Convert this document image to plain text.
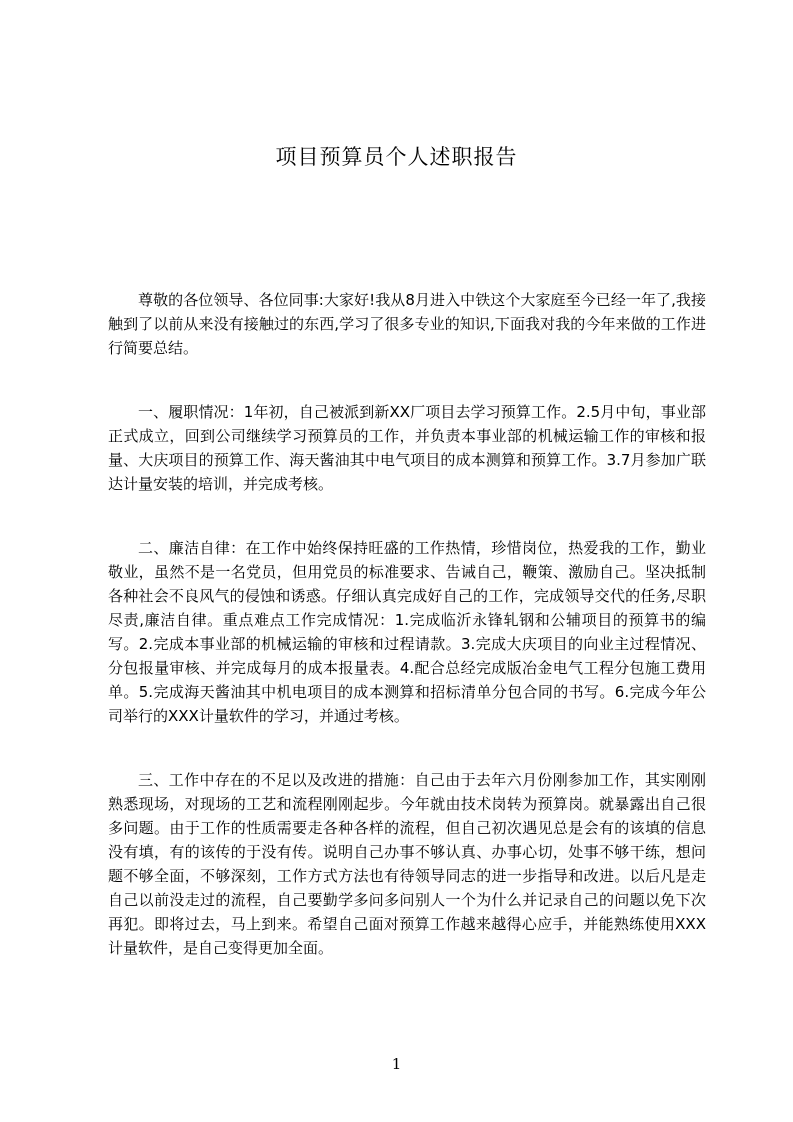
项目预算员个人述职报告

尊敬的各位领导、各位同事:大家好!我从8月进入中铁这个大家庭至今已经一年了,我接触到了以前从来没有接触过的东西,学习了很多专业的知识,下面我对我的今年来做的工作进行简要总结。

一、履职情况：1年初，自己被派到新XX厂项目去学习预算工作。2.5月中旬，事业部正式成立，回到公司继续学习预算员的工作，并负责本事业部的机械运输工作的审核和报量、大庆项目的预算工作、海天酱油其中电气项目的成本测算和预算工作。3.7月参加广联达计量安装的培训，并完成考核。

二、廉洁自律：在工作中始终保持旺盛的工作热情，珍惜岗位，热爱我的工作，勤业敬业，虽然不是一名党员，但用党员的标准要求、告诫自己，鞭策、激励自己。坚决抵制各种社会不良风气的侵蚀和诱惑。仔细认真完成好自己的工作，完成领导交代的任务,尽职尽责,廉洁自律。重点难点工作完成情况：1.完成临沂永锋轧钢和公辅项目的预算书的编写。2.完成本事业部的机械运输的审核和过程请款。3.完成大庆项目的向业主过程情况、分包报量审核、并完成每月的成本报量表。4.配合总经完成版冶金电气工程分包施工费用单。5.完成海天酱油其中机电项目的成本测算和招标清单分包合同的书写。6.完成今年公司举行的XXX计量软件的学习，并通过考核。

三、工作中存在的不足以及改进的措施：自己由于去年六月份刚参加工作，其实刚刚熟悉现场，对现场的工艺和流程刚刚起步。今年就由技术岗转为预算岗。就暴露出自己很多问题。由于工作的性质需要走各种各样的流程，但自己初次遇见总是会有的该填的信息没有填，有的该传的于没有传。说明自己办事不够认真、办事心切，处事不够干练，想问题不够全面，不够深刻，工作方式方法也有待领导同志的进一步指导和改进。以后凡是走自己以前没走过的流程，自己要勤学多问多问别人一个为什么并记录自己的问题以免下次再犯。即将过去，马上到来。希望自己面对预算工作越来越得心应手，并能熟练使用XXX计量软件，是自己变得更加全面。

1
